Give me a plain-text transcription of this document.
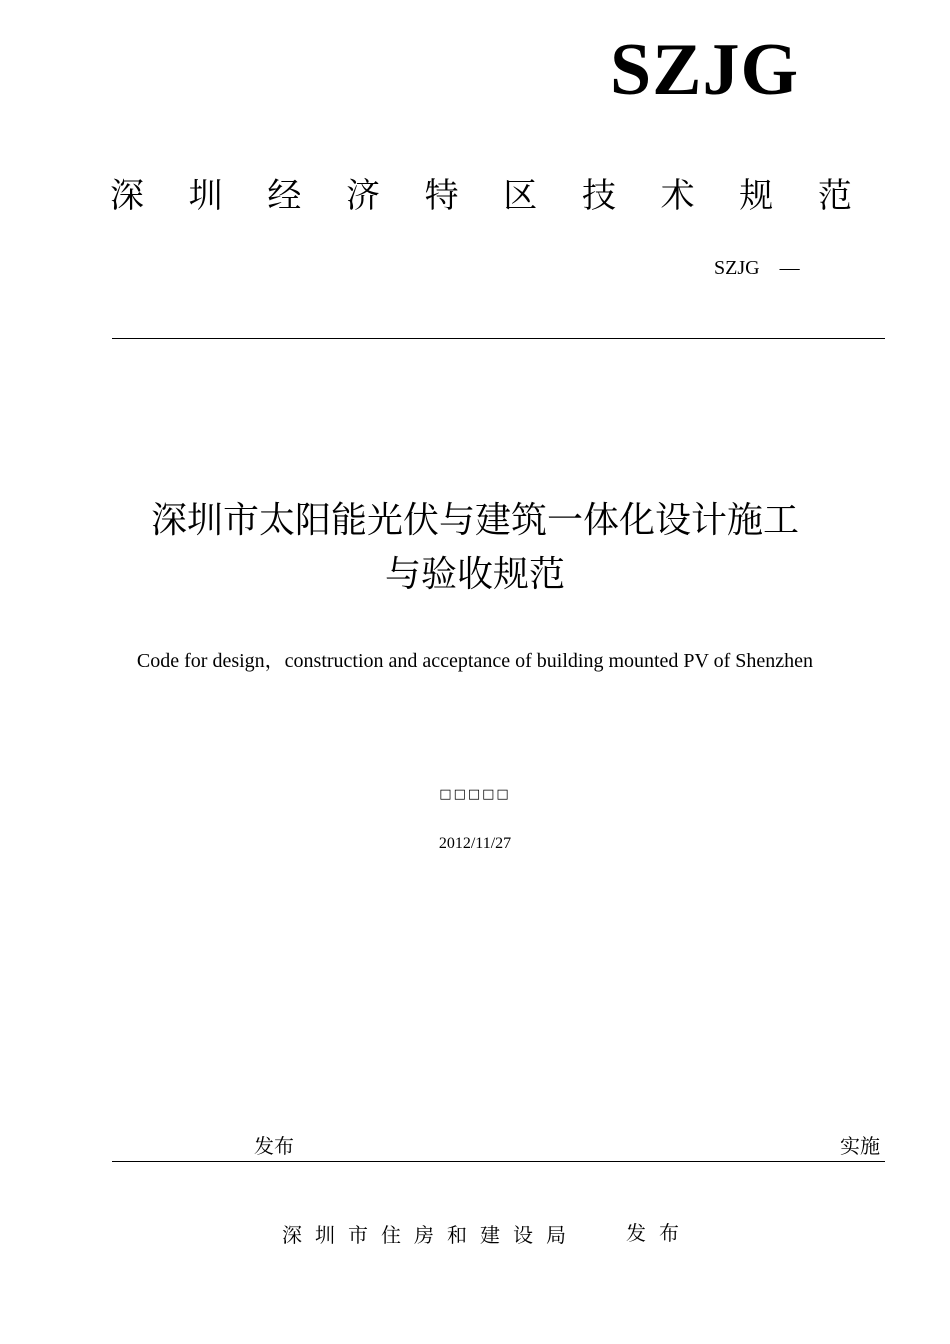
SZJG
深 圳 经 济 特 区 技 术 规 范
SZJG —
深圳市太阳能光伏与建筑一体化设计施工
与验收规范
Code for design，construction and acceptance of building mounted PV of Shenzhen
□□□□□
2012/11/27
发布	实施
深圳市住房和建设局 发布
